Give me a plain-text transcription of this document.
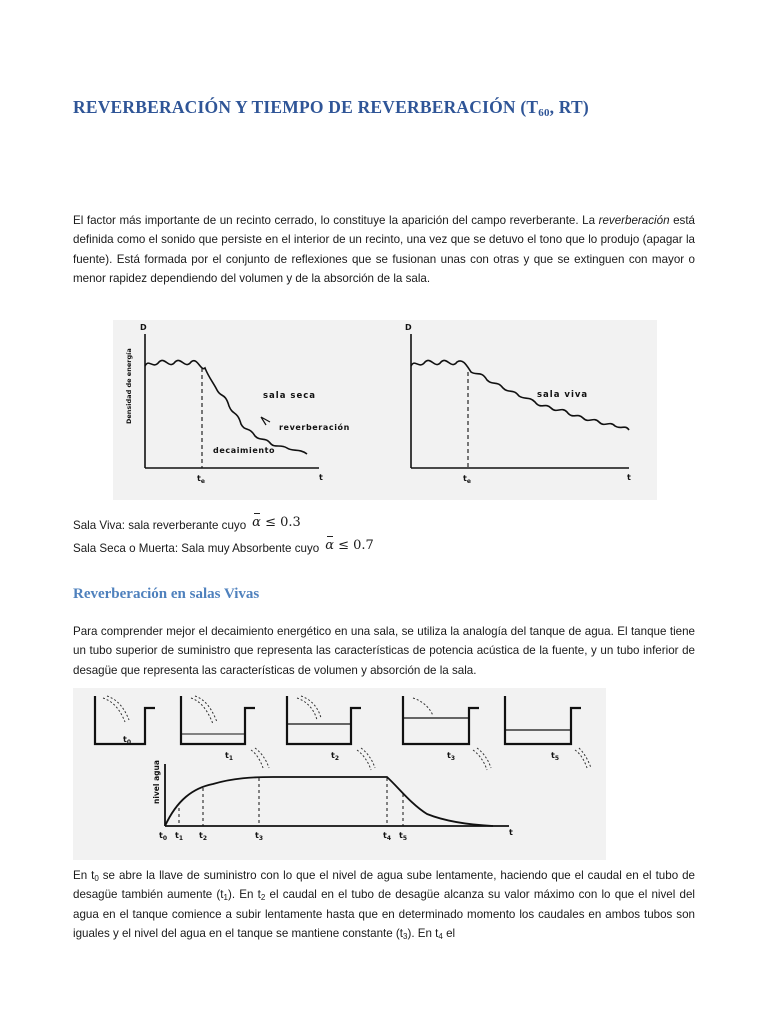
REVERBERACIÓN Y TIEMPO DE REVERBERACIÓN ($T_{60}$, RT)

El factor más importante de un recinto cerrado, lo constituye la aparición del campo reverberante. La reverberación está definida como el sonido que persiste en el interior de un recinto, una vez que se detuvo el tono que lo produjo (apagar la fuente). Está formada por el conjunto de reflexiones que se fusionan unas con otras y que se extinguen con mayor o menor rapidez dependiendo del volumen y de la absorción de la sala.

D
Densidad de energía
t
$t_e$
sala seca
reverberación
decaimiento
D
t
$t_e$
sala viva
Sala Viva: sala reverberante cuyo α ≤ 0.3
Sala Seca o Muerta: Sala muy Absorbente cuyo α ≤ 0.7
Reverberación en salas Vivas

Para comprender mejor el decaimiento energético en una sala, se utiliza la analogía del tanque de agua. El tanque tiene un tubo superior de suministro que representa las características de potencia acústica de la fuente, y un tubo inferior de desagüe que representa las características de volumen y absorción de la sala.

$t_0$
$t_1$	$t_2$	$t_3$	$t_5$
nivel agua
t
$t_0$ $t_1$ $t_2$	$t_3$	$t_4$ $t_5$

En $t_0$ se abre la llave de suministro con lo que el nivel de agua sube lentamente, haciendo que el caudal en el tubo de desagüe también aumente $(t_1)$. En $t_2$ el caudal en el tubo de desagüe alcanza su valor máximo con lo que el nivel del agua en el tanque comience a subir lentamente hasta que en determinado momento los caudales en ambos tubos son iguales y el nivel del agua en el tanque se mantiene constante $(t_3)$. En $t_4$ el
